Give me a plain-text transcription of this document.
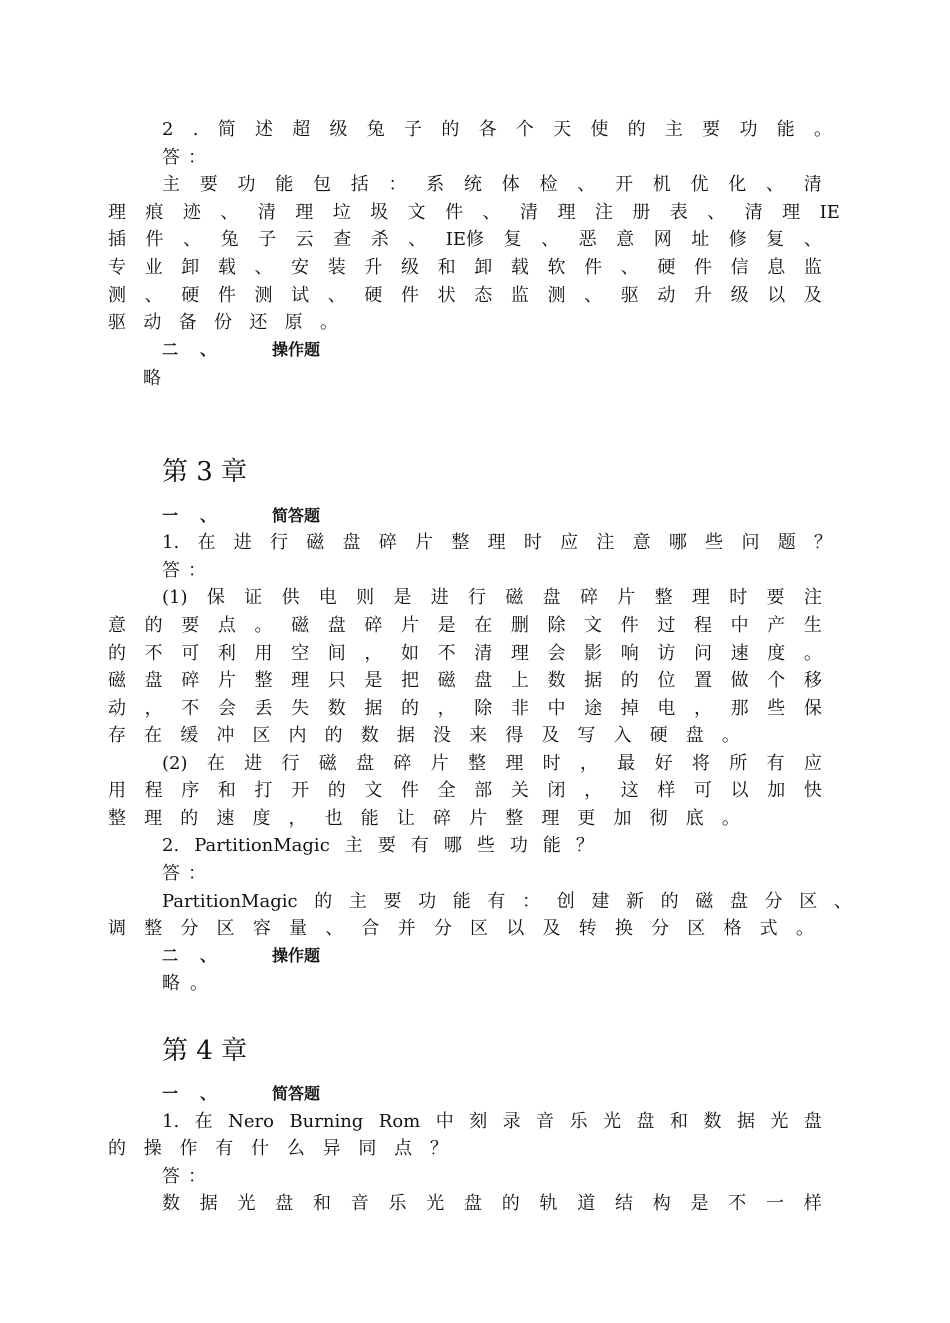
2 . 简 述 超 级 兔 子 的 各 个 天 使 的 主 要 功 能 。
答 ：
主 要 功 能 包 括 ： 系 统 体 检 、 开 机 优 化 、 清
理 痕 迹 、 清 理 垃 圾 文 件 、 清 理 注 册 表 、 清 理 IE
插 件 、 兔 子 云 查 杀 、 IE修 复 、 恶 意 网 址 修 复 、
专 业 卸 载 、 安 装 升 级 和 卸 载 软 件 、 硬 件 信 息 监
测 、 硬 件 测 试 、 硬 件 状 态 监 测 、 驱 动 升 级 以 及
驱 动 备 份 还 原 。
二 、	操作题
略
第 3 章
一 、	简答题
1. 在 进 行 磁 盘 碎 片 整 理 时 应 注 意 哪 些 问 题 ？
答 ：
(1) 保 证 供 电 则 是 进 行 磁 盘 碎 片 整 理 时 要 注
意 的 要 点 。 磁 盘 碎 片 是 在 删 除 文 件 过 程 中 产 生
的 不 可 利 用 空 间 ， 如 不 清 理 会 影 响 访 问 速 度 。
磁 盘 碎 片 整 理 只 是 把 磁 盘 上 数 据 的 位 置 做 个 移
动 ， 不 会 丢 失 数 据 的 ， 除 非 中 途 掉 电 ， 那 些 保
存 在 缓 冲 区 内 的 数 据 没 来 得 及 写 入 硬 盘 。
(2) 在 进 行 磁 盘 碎 片 整 理 时 ， 最 好 将 所 有 应
用 程 序 和 打 开 的 文 件 全 部 关 闭 ， 这 样 可 以 加 快
整 理 的 速 度 ， 也 能 让 碎 片 整 理 更 加 彻 底 。
2. PartitionMagic 主 要 有 哪 些 功 能 ？
答 ：
PartitionMagic 的 主 要 功 能 有 ： 创 建 新 的 磁 盘 分 区 、
调 整 分 区 容 量 、 合 并 分 区 以 及 转 换 分 区 格 式 。
二 、	操作题
略 。
第 4 章
一 、	简答题
1. 在 Nero Burning Rom 中 刻 录 音 乐 光 盘 和 数 据 光 盘
的 操 作 有 什 么 异 同 点 ？
答 ：
数 据 光 盘 和 音 乐 光 盘 的 轨 道 结 构 是 不 一 样
